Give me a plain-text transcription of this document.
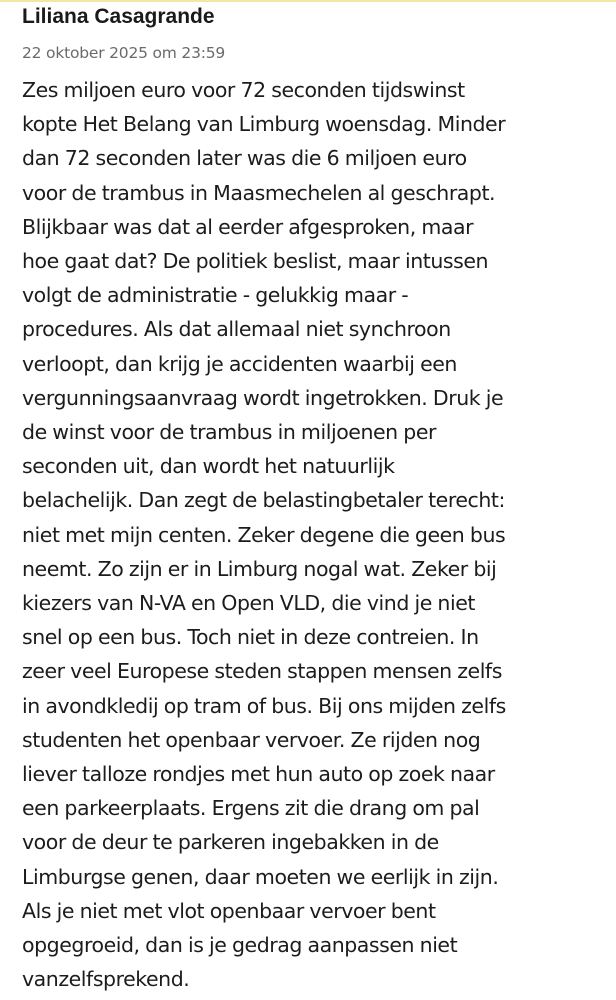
Liliana Casagrande
22 oktober 2025 om 23:59

Zes miljoen euro voor 72 seconden tijdswinst
kopte Het Belang van Limburg woensdag. Minder
dan 72 seconden later was die 6 miljoen euro
voor de trambus in Maasmechelen al geschrapt.
Blijkbaar was dat al eerder afgesproken, maar
hoe gaat dat? De politiek beslist, maar intussen
volgt de administratie - gelukkig maar -
procedures. Als dat allemaal niet synchroon
verloopt, dan krijg je accidenten waarbij een
vergunningsaanvraag wordt ingetrokken. Druk je
de winst voor de trambus in miljoenen per
seconden uit, dan wordt het natuurlijk
belachelijk. Dan zegt de belastingbetaler terecht:
niet met mijn centen. Zeker degene die geen bus
neemt. Zo zijn er in Limburg nogal wat. Zeker bij
kiezers van N-VA en Open VLD, die vind je niet
snel op een bus. Toch niet in deze contreien. In
zeer veel Europese steden stappen mensen zelfs
in avondkledij op tram of bus. Bij ons mijden zelfs
studenten het openbaar vervoer. Ze rijden nog
liever talloze rondjes met hun auto op zoek naar
een parkeerplaats. Ergens zit die drang om pal
voor de deur te parkeren ingebakken in de
Limburgse genen, daar moeten we eerlijk in zijn.
Als je niet met vlot openbaar vervoer bent
opgegroeid, dan is je gedrag aanpassen niet
vanzelfsprekend.
